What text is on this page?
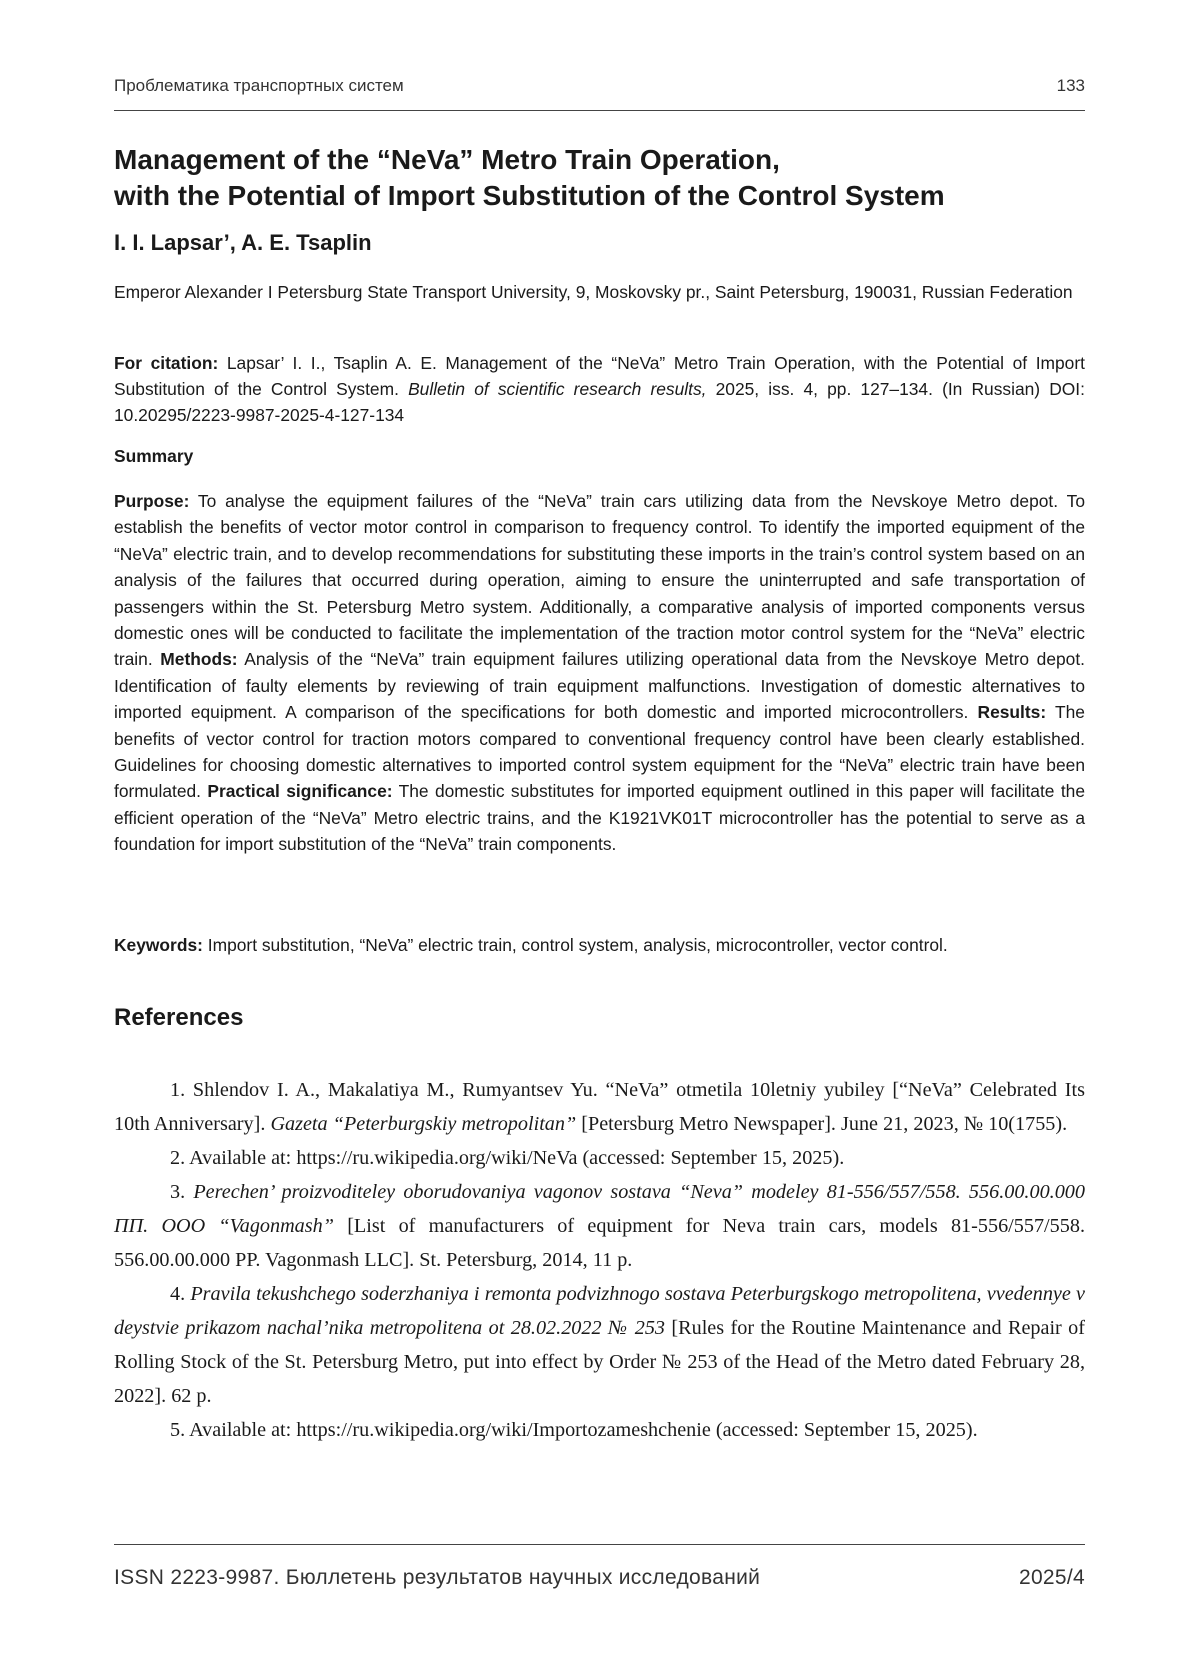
Проблематика транспортных систем	133
Management of the “NeVa” Metro Train Operation,
with the Potential of Import Substitution of the Control System

I. I. Lapsar’, A. E. Tsaplin

Emperor Alexander I Petersburg State Transport University, 9, Moskovsky pr., Saint Petersburg, 190031, Russian Federation

For citation: Lapsar’ I. I., Tsaplin A. E. Management of the “NeVa” Metro Train Operation, with the Potential of Import Substitution of the Control System. Bulletin of scientific research results, 2025, iss. 4, pp. 127–134. (In Russian) DOI: 10.20295/2223-9987-2025-4-127-134

Summary

Purpose: To analyse the equipment failures of the “NeVa” train cars utilizing data from the Nevskoye Metro depot. To establish the benefits of vector motor control in comparison to frequency control. To identify the imported equipment of the “NeVa” electric train, and to develop recommendations for substituting these imports in the train’s control system based on an analysis of the failures that occurred during operation, aiming to ensure the uninterrupted and safe transportation of passengers within the St. Petersburg Metro system. Additionally, a comparative analysis of imported components versus domestic ones will be conducted to facilitate the implementation of the traction motor control system for the “NeVa” electric train. Methods: Analysis of the “NeVa” train equipment failures utilizing operational data from the Nevskoye Metro depot. Identification of faulty elements by reviewing of train equipment malfunctions. Investigation of domestic alternatives to imported equipment. A comparison of the specifications for both domestic and imported microcontrollers. Results: The benefits of vector control for traction motors compared to conventional frequency control have been clearly established. Guidelines for choosing domestic alternatives to imported control system equipment for the “NeVa” electric train have been formulated. Practical significance: The domestic substitutes for imported equipment outlined in this paper will facilitate the efficient operation of the “NeVa” Metro electric trains, and the K1921VK01T microcontroller has the potential to serve as a foundation for import substitution of the “NeVa” train components.

Keywords: Import substitution, “NeVa” electric train, control system, analysis, microcontroller, vector control.

References
1. Shlendov I. A., Makalatiya M., Rumyantsev Yu. “NeVa” otmetila 10letniy yubiley [“NeVa” Celebrated Its 10th Anniversary]. Gazeta “Peterburgskiy metropolitan” [Petersburg Metro Newspaper]. June 21, 2023, № 10(1755).
2. Available at: https://ru.wikipedia.org/wiki/NeVa (accessed: September 15, 2025).
3. Perechen’ proizvoditeley oborudovaniya vagonov sostava “Neva” modeley 81-556/557/558. 556.00.00.000 ПП. ООО “Vagonmash” [List of manufacturers of equipment for Neva train cars, models 81-556/557/558. 556.00.00.000 PP. Vagonmash LLC]. St. Petersburg, 2014, 11 p.
4. Pravila tekushchego soderzhaniya i remonta podvizhnogo sostava Peterburgskogo metropolitena, vvedennye v deystvie prikazom nachal’nika metropolitena ot 28.02.2022 № 253 [Rules for the Routine Maintenance and Repair of Rolling Stock of the St. Petersburg Metro, put into effect by Order № 253 of the Head of the Metro dated February 28, 2022]. 62 p.
5. Available at: https://ru.wikipedia.org/wiki/Importozameshchenie (accessed: September 15, 2025).
ISSN 2223-9987. Бюллетень результатов научных исследований	2025/4
